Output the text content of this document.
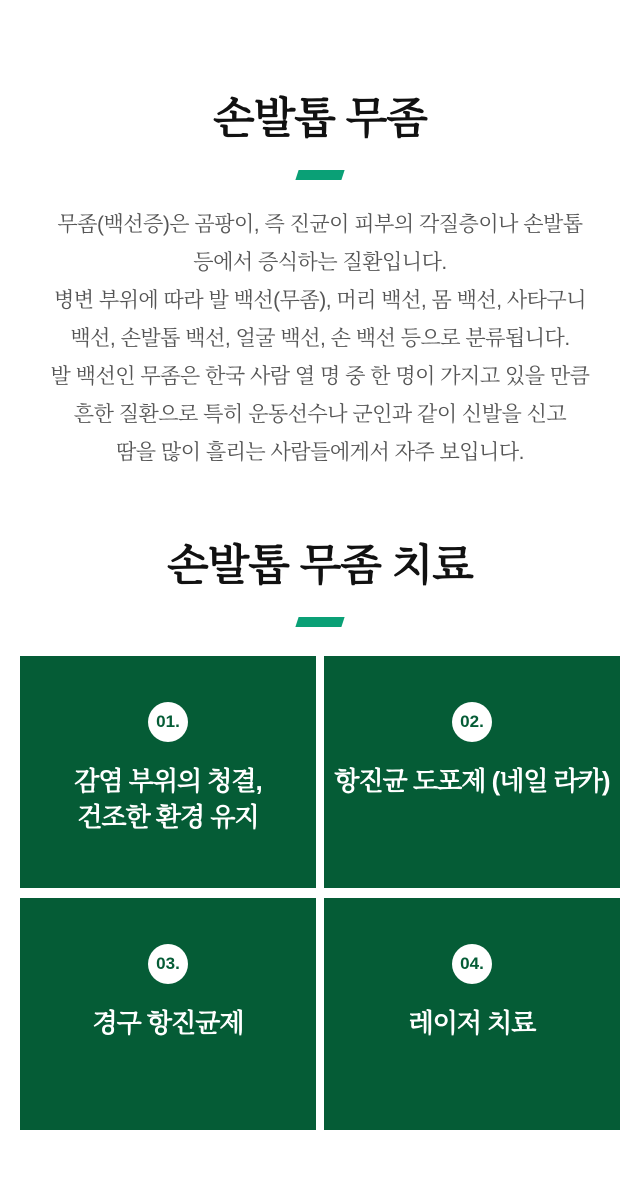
손발톱 무좀
무좀(백선증)은 곰팡이, 즉 진균이 피부의 각질층이나 손발톱
등에서 증식하는 질환입니다.
병변 부위에 따라 발 백선(무좀), 머리 백선, 몸 백선, 사타구니
백선, 손발톱 백선, 얼굴 백선, 손 백선 등으로 분류됩니다.
발 백선인 무좀은 한국 사람 열 명 중 한 명이 가지고 있을 만큼
흔한 질환으로 특히 운동선수나 군인과 같이 신발을 신고
땀을 많이 흘리는 사람들에게서 자주 보입니다.
손발톱 무좀 치료
01.
감염 부위의 청결,
건조한 환경 유지
02.
항진균 도포제 (네일 라카)
03.
경구 항진균제
04.
레이저 치료
